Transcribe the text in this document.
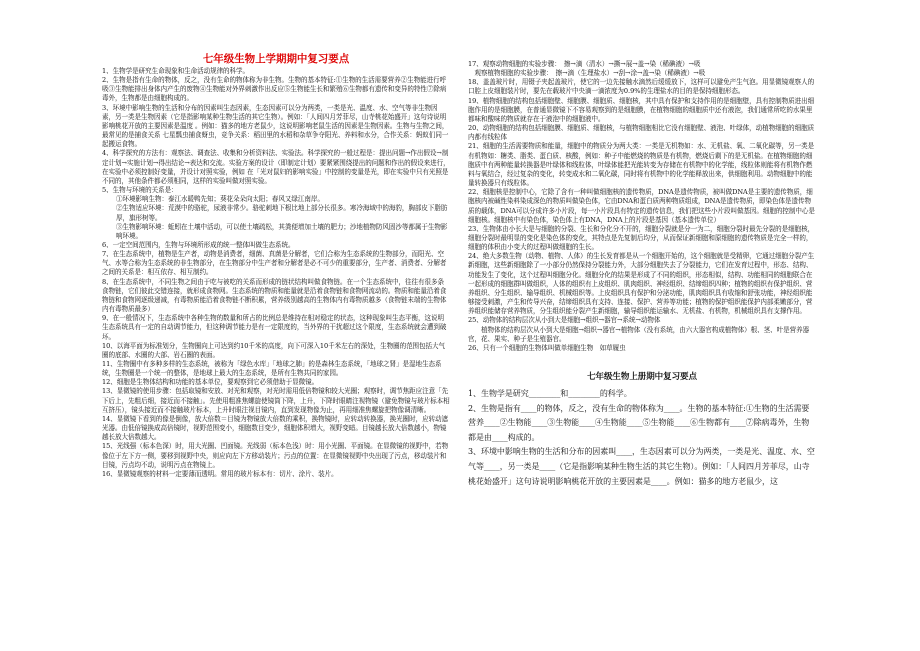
七年级生物上学期期中复习要点

1、生物学是研究生命现象和生命活动规律的科学。

2、生物是指有生命的物体，反之，没有生命的物体称为非生物。生物的基本特征:①生物的生活需要营养②生物能进行呼吸③生物能排出身体内产生的废物④生物能对外界刺激作出反应⑤生物能生长和繁殖⑥生物都有遗传和变异的特性⑦除病毒外，生物都是由细胞构成的。

3、环境中影响生物的生活和分布的因素叫生态因素，生态因素可以分为两类，一类是光、温度、水、空气等非生物因素，另一类是生物因素（它是指影响某种生物生活的其它生物）。例如：「人间四月芳菲尽，山寺桃花始盛开」这句诗说明影响桃花开放的主要因素是温度 。例如：猫多的地方老鼠少，这说明影响老鼠生活的因素是生物因素。生物与生物之间，最常见的是捕食关系 七星瓢虫捕食蚜虫，竞争关系：稻田里的水稻和杂草争夺阳光、养料和水分，合作关系：蚂蚁们同一起搬运食物。

4、科学探究的方法有：观察法、调查法、收集和分析资料法、实验法。科学探究的一般过程是：提出问题→作出假设→制定计划→实施计划→得出结论→表达和交流。实验方案的设计（即制定计划）要紧紧围绕提出的问题和作出的假设来进行，在实验中必须控制好变量，并设计对照实验，例如 在「光对鼠妇的影响实验」中控制的变量是光，即在实验中只有光照是不同的，其他条件都必须相同，这样的实验叫做对照实验。

5、生物与环境的关系是：

①环境影响生物：泰江水暖鸭先知；葵花朵朵向太阳；春风又绿江南岸。

②生物适应环境：荒漠中的骆驼，尿液非常少。骆驼刺地下根比地上部分长很多。寒冷海域中的海豹，胸部皮下脂肪厚，旗形树等。

③生物影响环境：蚯蚓在土壤中活动，可以使土壤疏松，其粪便增加土壤的肥力；沙地植物防风固沙等都属于生物影响环境。

6、一定空间范围内，生物与环境所形成的统一整体叫做生态系统。

7、在生态系统中，植物是生产者，动物是消费者，细菌、真菌是分解者，它们合称为生态系统的生物部分，而阳光、空气、水等合称为生态系统的非生物部分，在生物部分中生产者和分解者是必不可少的重要部分，生产者、消费者、分解者之间的关系是：相互依存、相互制约。

8、在生态系统中，不同生物之间由于吃与被吃的关系而形成的链状结构叫做食物链。在一个生态系统中，往往有很多条食物链，它们彼此交错连接，就形成食物网。生态系统的物质和能量就是沿着食物链和食物网流动的。物质和能量沿着食物链和食物网逐级递减，有毒物质能沿着食物链不断积累，营养级别越高的生物体内有毒物质越多（食物链末端的生物体内有毒物质最多）

9、在一般情况下，生态系统中各种生物的数量和所占的比例总是维持在相对稳定的状态，这种现象叫生态平衡，这说明生态系统具有一定的自动调节能力，但这种调节能力是有一定限度的，当外界的干扰超过这个限度，生态系统就会遭到破坏。

10、以海平面为标准划分，生物圈向上可达到约10千米的高度，向下可深入10千米左右的深处，生物圈的范围包括大气圈的底部、水圈的大部、岩石圈的表面。

11、生物圈中有多种多样的生态系统，被称为「绿色水库」「地球之肺」的是森林生态系统，「地球之肾」是湿地生态系统，生物圈是一个统一的整体，是地球上最大的生态系统，是所有生物共同的家园。

12、细胞是生物体结构和功能的基本单位，要观察到它必须借助于显微镜。

13、显微镜的使用步骤：包括取镜和安放、对光和观察，对光时需用低倍物镜和较大光圈；观察时，调节焦距应注意「先下后上，先粗后细，接近而不接触」。先使用粗准焦螺旋使镜筒下降，上升，下降时眼睛注视物镜（避免物镜与玻片标本相互挤压），镜头接近而不接触玻片标本，上升时眼注视目镜内，直到发现物像为止，再用细准焦螺旋把物像调清晰。

14、显微镜下看到的像是倒像，放大倍数＝目镜为物镜放大倍数的乘积，换物镜时，应转动转换器，换光圈时，应转动遮光器。由低倍镜换成高倍镜时，视野范围变小，细胞数目变少，细胞体积增大，视野变暗。目镜越长放大倍数越小，物镜越长放大倍数越大。

15、光线强（标本色深）时，用大光圈、凹面镜。光线弱（标本色浅）时：用小光圈、平面镜。在显微镜的视野中，若物像位于左下方一侧，要移到视野中央，则应向左下方移动装片；污点的位置：在显微镜视野中央出现了污点，移动装片和目镜，污点均不动，说明污点在物镜上。

16、显微镜观察的材料一定要薄而透明。常用的玻片标本有：切片、涂片、装片。

17、观察动物细胞的实验步骤：　擦→滴（清水）→撕→展→盖→染（稀碘液）→吸

　观察植物细胞的实验步骤：　擦→滴（生理盐水）→刮→涂→盖→染（稀碘液）→吸

18、盖盖玻片时，用镊子夹起盖玻片，使它的一边先接触水滴然后缓缓放下，这样可以避免产生气泡。用显微镜观察人的口腔上皮细胞装片时，要先在载玻片中央滴一滴浓度为0.9%的生理盐水的目的是保持细胞形态。

19、植物细胞的结构包括细胞壁、细胞膜、细胞质、细胞核，其中具有保护和支持作用的是细胞壁，具有控制物质进出细胞作用的是细胞膜，在普通显微镜下不容易观察到的是细胞膜，在植物细胞的细胞质中还有液泡，我们通常所吃的水果里都味和酸味的物质就存在于液泡中的细胞液中。

20、动物细胞的结构包括细胞膜、细胞质、细胞核，与植物细胞相比它没有细胞壁、液泡、叶绿体，动植物细胞的细胞质内都有线粒体

21、细胞的生活需要物质和能量，细胞中的物质分为两大类：一类是无机物如：水、无机盐、氧、二氧化碳等，另一类是有机物如：糖类、脂类、蛋白质、核酸，例如：种子中能燃烧的物质是有机物，燃烧后剩下的是无机盐。在植物细胞的细胞质中有两种能量转换器是叶绿体和线粒体，叶绿体能把光能转变为存储在有机物中的化学能，线粒体则能将有机物作燃料与氧结合，经过复杂的变化，转变成水和二氧化碳，同时将有机物中的化学能释放出来，供细胞利用。动物细胞中的能量转换器只有线粒体。

22、细胞核是控制中心，它除了含有一种叫做细胞核的遗传物质，DNA是遗传物质，被叫做DNA是主要的遗传物质，细胞核内被碱性染料染成深色的物质叫做染色体，它由DNA和蛋白质两种物质组成，DNA是遗传物质，即染色体是遗传物质的载体，DNA可以分成许多小片段，每一小片段具有特定的遗传信息，我们把这些小片段叫做基因。细胞的控制中心是细胞核。细胞核中有染色体，染色体上有DNA，DNA上的片段是基因（基本遗传单位）

23、生物体由小长大是与细胞的分裂、生长和分化分不开的，细胞分裂就是分一为二，细胞分裂时最先分裂的是细胞核，细胞分裂时最明显的变化是染色体的变化，其特点是先复制后均分，从而保证新细胞和原细胞的遗传物质是完全一样的，细胞的体积由小变大的过程叫做细胞的生长。

24、绝大多数生物（动物、植物、人体）的生长发育都是从一个细胞开始的，这个细胞就是受精卵，它通过细胞分裂产生新细胞，这些新细胞除了一小部分仍然保持分裂能力外，大部分细胞失去了分裂能力，它们在发育过程中，形态、结构、功能发生了变化，这个过程叫细胞分化。细胞分化的结果是形成了不同的组织，形态相似，结构、功能相同的细胞联合在一起形成的细胞群叫做组织，人体的组织有上皮组织、肌肉组织、神经组织、结缔组织四种；植物的组织有保护组织、营养组织、分生组织、输导组织、机械组织等。上皮组织具有保护和分泌功能，肌肉组织具有收缩和舒张功能，神经组织能够接受刺激，产生和传导兴奋，结缔组织具有支持、连接、保护、营养等功能；植物的保护组织能保护内部柔嫩部分，营养组织能储存营养物质，分生组织能分裂产生新细胞，输导组织能运输水、无机盐、有机物，机械组织具有支撑作用。

25、动物体的结构层次从小到大是细胞→组织→器官→系统→动物体

　　植物体的结构层次从小到大是细胞→组织→器官→植物体（没有系统，由六大器官构成植物体）根、茎、叶是营养器官，花、果实、种子是生殖器官。

26、只有一个细胞的生物体叫做单细胞生物　如草履虫

七年级生物上册期中复习要点

1、生物学是研究________和________的科学。

2、生物是指有____的物体，反之，没有生命的物体称为____。生物的基本特征:①生物的生活需要营养____②生物能____③生物能____④生物能____⑤生物能____⑥生物都有____⑦除病毒外，生物都是由____构成的。

3、环境中影响生物的生活和分布的因素叫____，生态因素可以分为两类，一类是光、温度、水、空气等____，另一类是____（它是指影响某种生物生活的其它生物）。例如：「人间四月芳菲尽，山寺桃花始盛开」这句诗说明影响桃花开放的主要因素是____。例如：猫多的地方老鼠少，这
